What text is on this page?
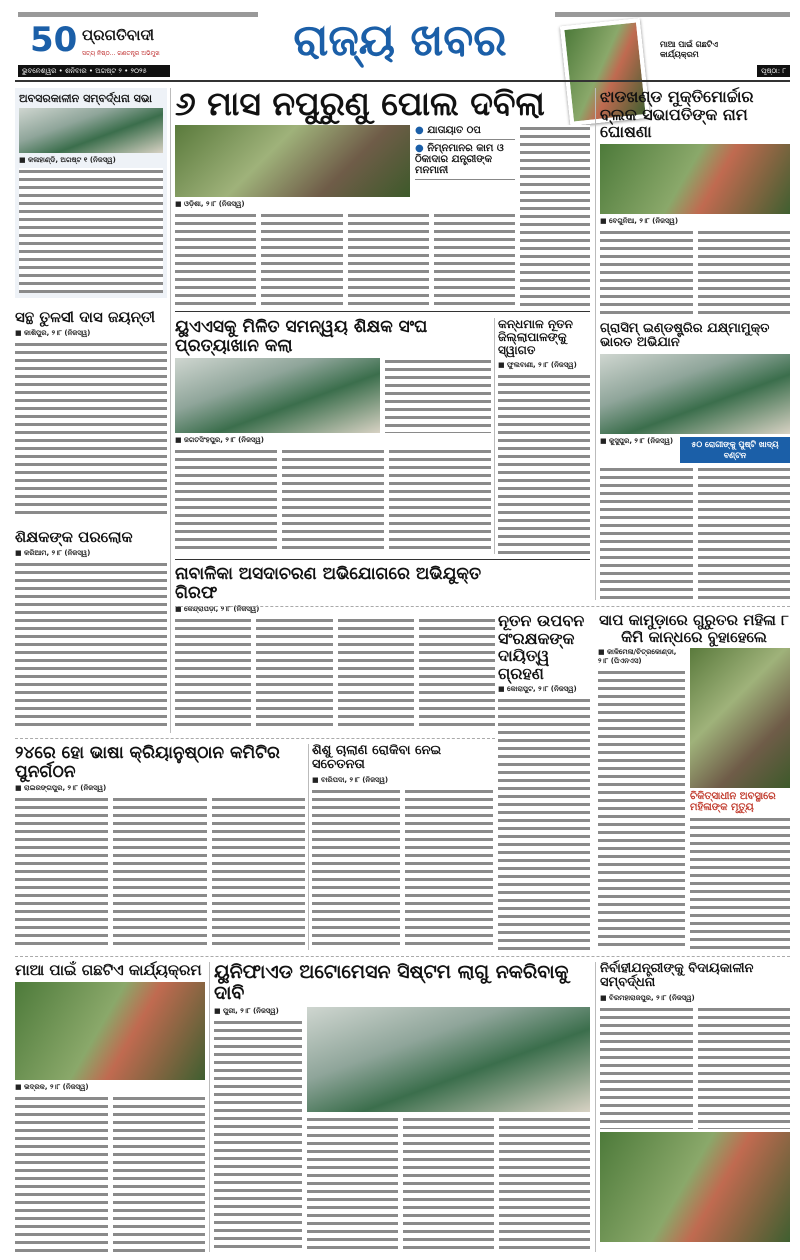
50 ପ୍ରଗତିବାଦୀ
ସତ୍ୟ ନିଷ୍ଠ... ଗଣତନ୍ତ୍ର ଅଭିମୁଖ
ଭୁବନେଶ୍ୱର • ଶନିବାର • ଅଗଷ୍ଟ ୨ • ୨୦୨୫
ରାଜ୍ୟ ଖବର	ମାଆ ପାଇଁ ଗଛଟିଏ କାର୍ଯ୍ୟକ୍ରମ
ପୃଷ୍ଠା: ୮
ଅବସରକାଳୀନ ସମ୍ବର୍ଦ୍ଧନା ସଭା
■ କଳାହାଣ୍ଡି, ଅଗଷ୍ଟ ୧ (ନିଜସ୍ୱ)
ସନ୍ଥ ତୁଳସୀ ଦାସ ଜୟନ୍ତୀ
■ କାଶିପୁର, ୨।୮ (ନିଜସ୍ୱ)
ଶିକ୍ଷକଙ୍କ ପରଲୋକ
■ କରିଆମ, ୨।୮ (ନିଜସ୍ୱ)
୬ ମାସ ନପୁରୁଣୁ ପୋଲ ଦବିଲା
● ଯାତାୟାତ ଠପ
● ନିମ୍ନମାନର କାମ ଓ ଠିକାଦାର ଯନ୍ତ୍ରୀଙ୍କ ମନମାନୀ
■ ଓଡ଼ିଶା, ୨।୮ (ନିଜସ୍ୱ)
ୟୁଏଏସକୁ ମିଳିତ ସମନ୍ୱୟ ଶିକ୍ଷକ ସଂଘ ପ୍ରତ୍ୟାଖାନ କଲା
■ ଜଗତସିଂହପୁର, ୨।୮ (ନିଜସ୍ୱ)
କନ୍ଧମାଳ ନୂତନ ଜିଲ୍ଲାପାଳଙ୍କୁ ସ୍ୱାଗତ
■ ଫୁଲବାଣୀ, ୨।୮ (ନିଜସ୍ୱ)
ନାବାଳିକା ଅସଦାଚରଣ ଅଭିଯୋଗରେ ଅଭିଯୁକ୍ତ ଗିରଫ
■ କେନ୍ଦ୍ରାପଡ଼ା, ୨।୮ (ନିଜସ୍ୱ)
ଝାଡଖଣ୍ଡ ମୁକ୍ତିମୋର୍ଚ୍ଚାର ବ୍ଲକ ସଭାପତିଙ୍କ ନାମ ଘୋଷଣା
■ ବେଗୁନିଆ, ୨।୮ (ନିଜସ୍ୱ)
ଗ୍ରାସିମ୍ ଇଣ୍ଡଷ୍ଟ୍ରିର ଯକ୍ଷ୍ମାମୁକ୍ତ ଭାରତ ଅଭିଯାନ
■ କୁସୁପୁର, ୨।୮ (ନିଜସ୍ୱ)	୫୦ ରୋଗୀଙ୍କୁ ପୁଷ୍ଟି ଖାଦ୍ୟ ବଣ୍ଟନ
ନୂତନ ଉପବନ ସଂରକ୍ଷକଙ୍କ ଦାୟିତ୍ୱ ଗ୍ରହଣ
■ କୋରାପୁଟ, ୨।୮ (ନିଜସ୍ୱ)
ସାପ କାମୁଡ଼ାରେ ଗୁରୁତର ମହିଳା ୮ କିମି କାନ୍ଧରେ ବୁହାହେଲେ
■ କାଳିମେଳା/ଚିତ୍ରକୋଣ୍ଡା, ୨।୮ (ପିଏନଏସ)
ଚିକିତ୍ସାଧୀନ ଅବସ୍ଥାରେ ମହିଳାଙ୍କ ମୃତ୍ୟୁ
୨୪ରେ ହୋ ଭାଷା କ୍ରିୟାନୁଷ୍ଠାନ କମିଟିର ପୁନର୍ଗଠନ
■ ରାଇରଙ୍ଗପୁର, ୨।୮ (ନିଜସ୍ୱ)
ଶିଶୁ ଚାଲାଣ ରୋକିବା ନେଇ ସଚେତନତା
■ ବାରିପଦା, ୨।୮ (ନିଜସ୍ୱ)
ମାଆ ପାଇଁ ଗଛଟିଏ କାର୍ଯ୍ୟକ୍ରମ
■ ଭଦ୍ରକ, ୨।୮ (ନିଜସ୍ୱ)
ୟୁନିଫାଏଡ ଅଟୋମେସନ ସିଷ୍ଟମ ଲାଗୁ ନକରିବାକୁ ଦାବି
■ ପୁରୀ, ୨।୮ (ନିଜସ୍ୱ)
ନିର୍ବାହୀଯନ୍ତ୍ରୀଙ୍କୁ ବିଦାୟକାଳୀନ ସମ୍ବର୍ଦ୍ଧନା
■ ବିରମହାରାଜପୁର, ୨।୮ (ନିଜସ୍ୱ)
